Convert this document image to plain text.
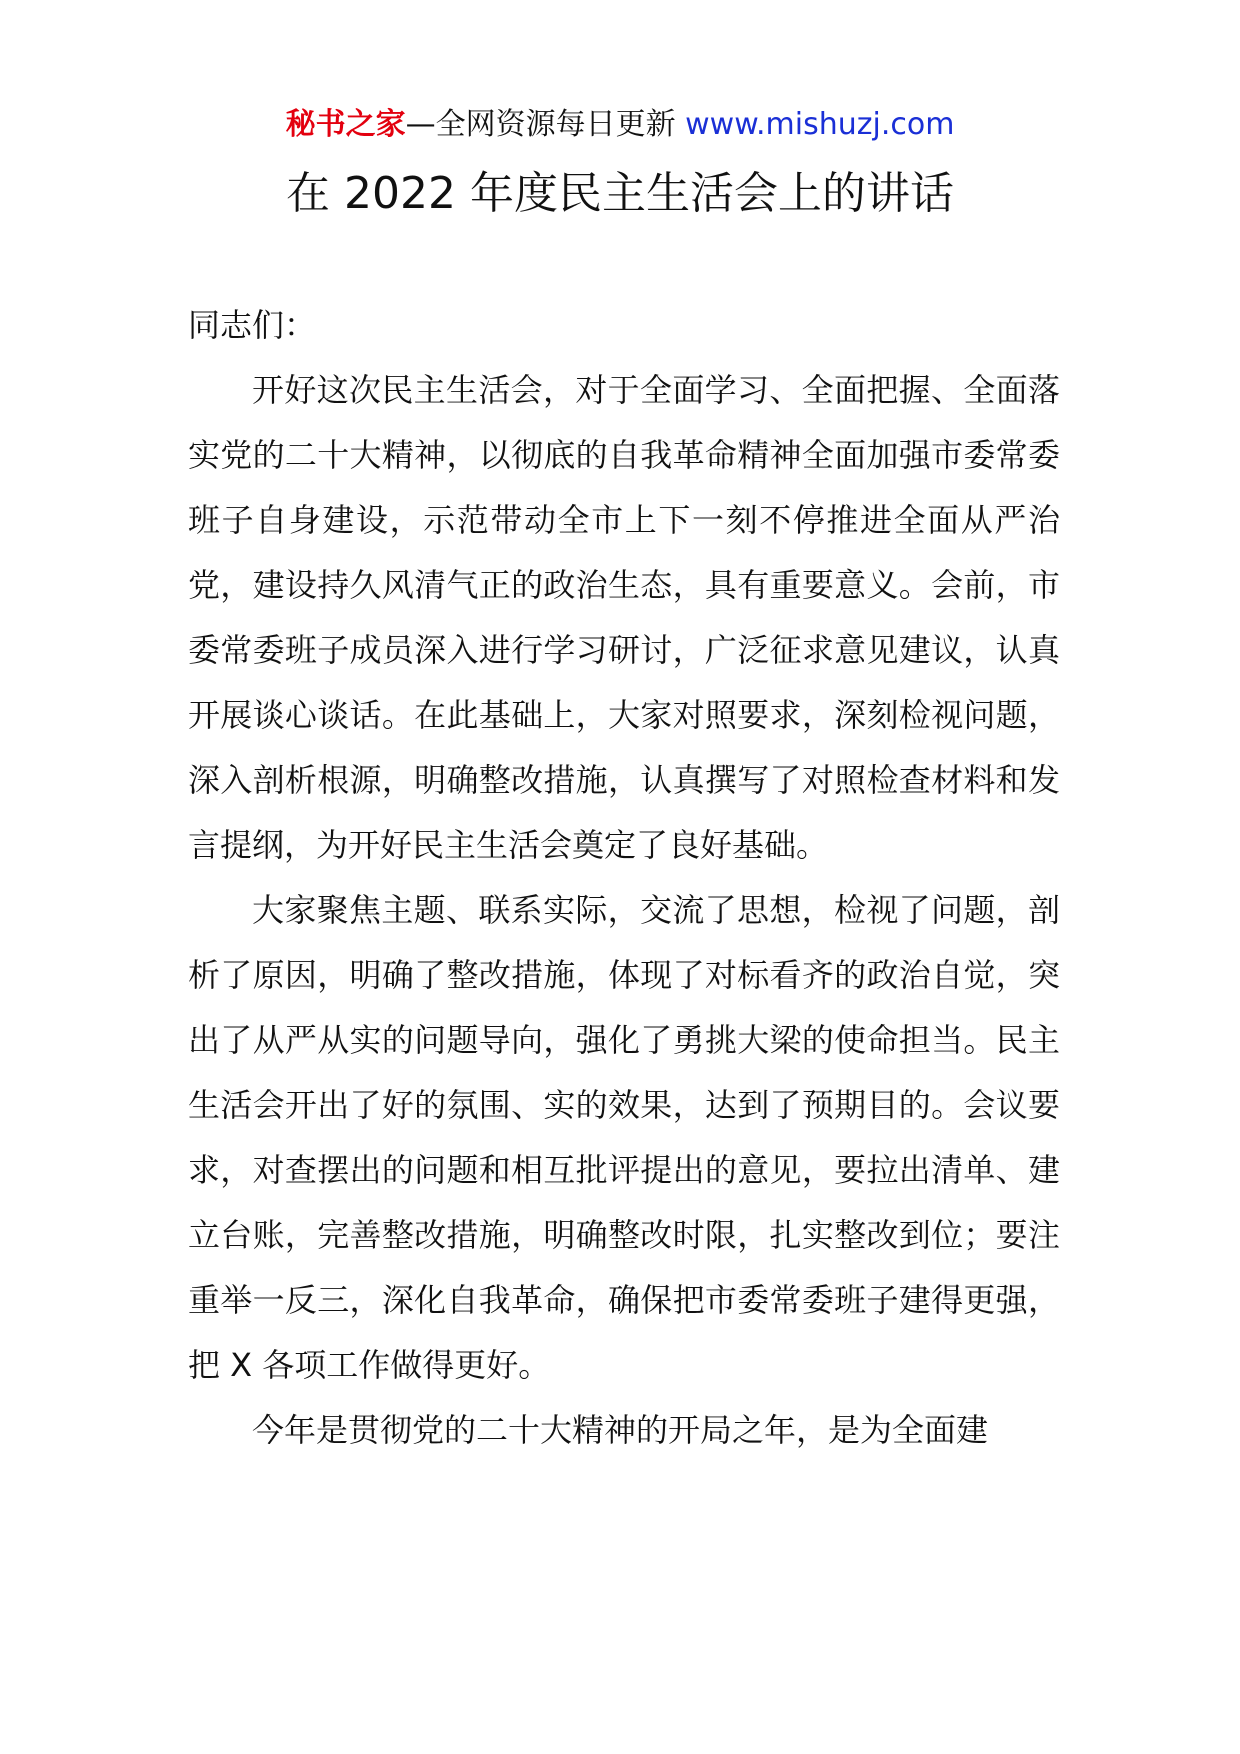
秘书之家—全网资源每日更新 www.mishuzj.com
在 2022 年度民主生活会上的讲话

同志们：

开好这次民主生活会，对于全面学习、全面把握、全面落实党的二十大精神，以彻底的自我革命精神全面加强市委常委班子自身建设，示范带动全市上下一刻不停推进全面从严治党，建设持久风清气正的政治生态，具有重要意义。会前，市委常委班子成员深入进行学习研讨，广泛征求意见建议，认真开展谈心谈话。在此基础上，大家对照要求，深刻检视问题，深入剖析根源，明确整改措施，认真撰写了对照检查材料和发言提纲，为开好民主生活会奠定了良好基础。

大家聚焦主题、联系实际，交流了思想，检视了问题，剖析了原因，明确了整改措施，体现了对标看齐的政治自觉，突出了从严从实的问题导向，强化了勇挑大梁的使命担当。民主生活会开出了好的氛围、实的效果，达到了预期目的。会议要求，对查摆出的问题和相互批评提出的意见，要拉出清单、建立台账，完善整改措施，明确整改时限，扎实整改到位；要注重举一反三，深化自我革命，确保把市委常委班子建得更强，把 X 各项工作做得更好。

今年是贯彻党的二十大精神的开局之年，是为全面建
